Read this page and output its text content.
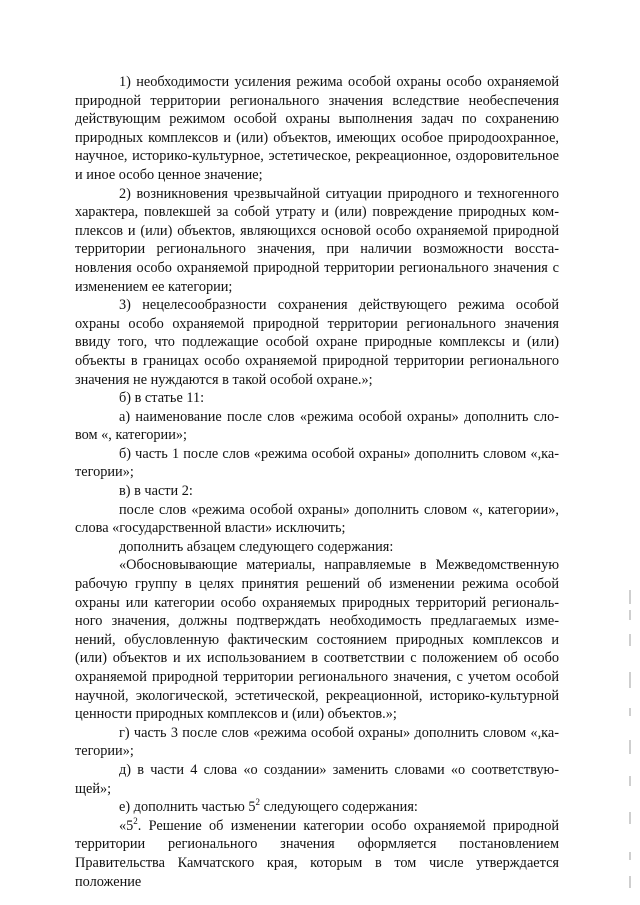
1) необходимости усиления режима особой охраны особо охраняемой природной территории регионального значения вследствие необеспечения действующим режимом особой охраны выполнения задач по сохранению природных комплексов и (или) объектов, имеющих особое природоохранное, научное, историко-культурное, эстетическое, рекреационное, оздоровительное и иное особо ценное значение;

2) возникновения чрезвычайной ситуации природного и техногенного характера, повлекшей за собой утрату и (или) повреждение природных комплексов и (или) объектов, являющихся основой особо охраняемой природной территории регионального значения, при наличии возможности восстановления особо охраняемой природной территории регионального значения с изменением ее категории;

3) нецелесообразности сохранения действующего режима особой охраны особо охраняемой природной территории регионального значения ввиду того, что подлежащие особой охране природные комплексы и (или) объекты в границах особо охраняемой природной территории регионального значения не нуждаются в такой особой охране.»;

б) в статье 11:

а) наименование после слов «режима особой охраны» дополнить словом «, категории»;

б) часть 1 после слов «режима особой охраны» дополнить словом «,категории»;

в) в части 2:

после слов «режима особой охраны» дополнить словом «, категории», слова «государственной власти» исключить;

дополнить абзацем следующего содержания:

«Обосновывающие материалы, направляемые в Межведомственную рабочую группу в целях принятия решений об изменении режима особой охраны или категории особо охраняемых природных территорий регионального значения, должны подтверждать необходимость предлагаемых изменений, обусловленную фактическим состоянием природных комплексов и (или) объектов и их использованием в соответствии с положением об особо охраняемой природной территории регионального значения, с учетом особой научной, экологической, эстетической, рекреационной, историко-культурной ценности природных комплексов и (или) объектов.»;

г) часть 3 после слов «режима особой охраны» дополнить словом «,категории»;

д) в части 4 слова «о создании» заменить словами «о соответствующей»;

е) дополнить частью $5^2$ следующего содержания:

«$5^2$. Решение об изменении категории особо охраняемой природной территории регионального значения оформляется постановлением Правительства Камчатского края, которым в том числе утверждается положение
